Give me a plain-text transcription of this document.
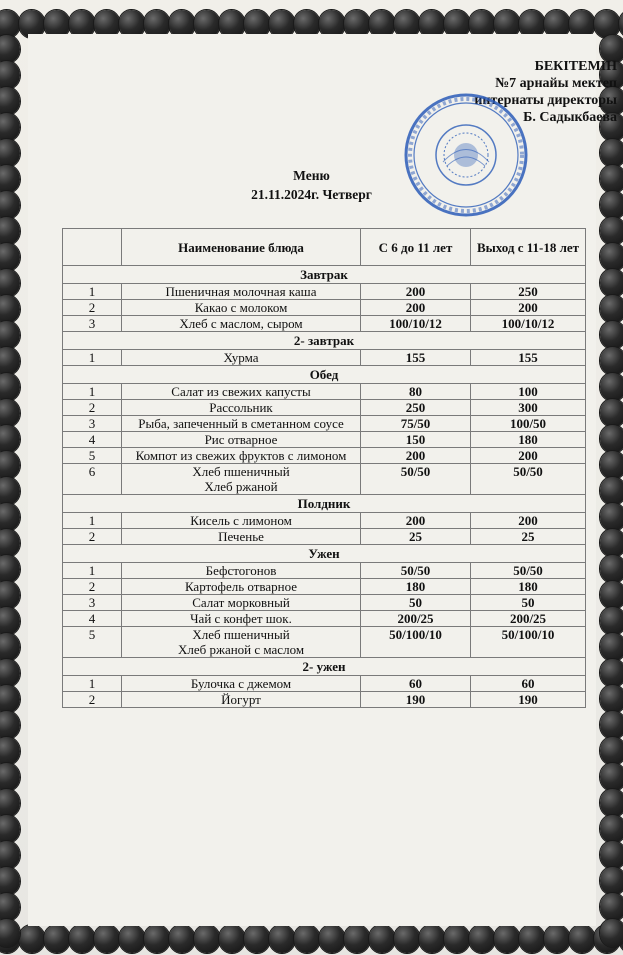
БЕКІТЕМІН
№7 арнайы мектеп
интернаты директоры
Б. Садыкбаева
Меню
21.11.2024г. Четверг
	Наименование блюда	С 6 до 11 лет	Выход с 11-18 лет
Завтрак			
1	Пшеничная молочная каша	200	250
2	Какао с молоком	200	200
3	Хлеб с маслом, сыром	100/10/12	100/10/12
2- завтрак			
1	Хурма	155	155
Обед			
1	Салат из свежих капусты	80	100
2	Рассольник	250	300
3	Рыба, запеченный в сметанном соусе	75/50	100/50
4	Рис отварное	150	180
5	Компот из свежих фруктов с лимоном	200	200
6	Хлеб пшеничный
Хлеб ржаной	50/50	50/50
Полдник			
1	Кисель с лимоном	200	200
2	Печенье	25	25
Ужен			
1	Бефстогонов	50/50	50/50
2	Картофель отварное	180	180
3	Салат морковный	50	50
4	Чай с конфет шок.	200/25	200/25
5	Хлеб пшеничный
Хлеб ржаной с маслом	50/100/10	50/100/10
2- ужен			
1	Булочка с джемом	60	60
2	Йогурт	190	190
